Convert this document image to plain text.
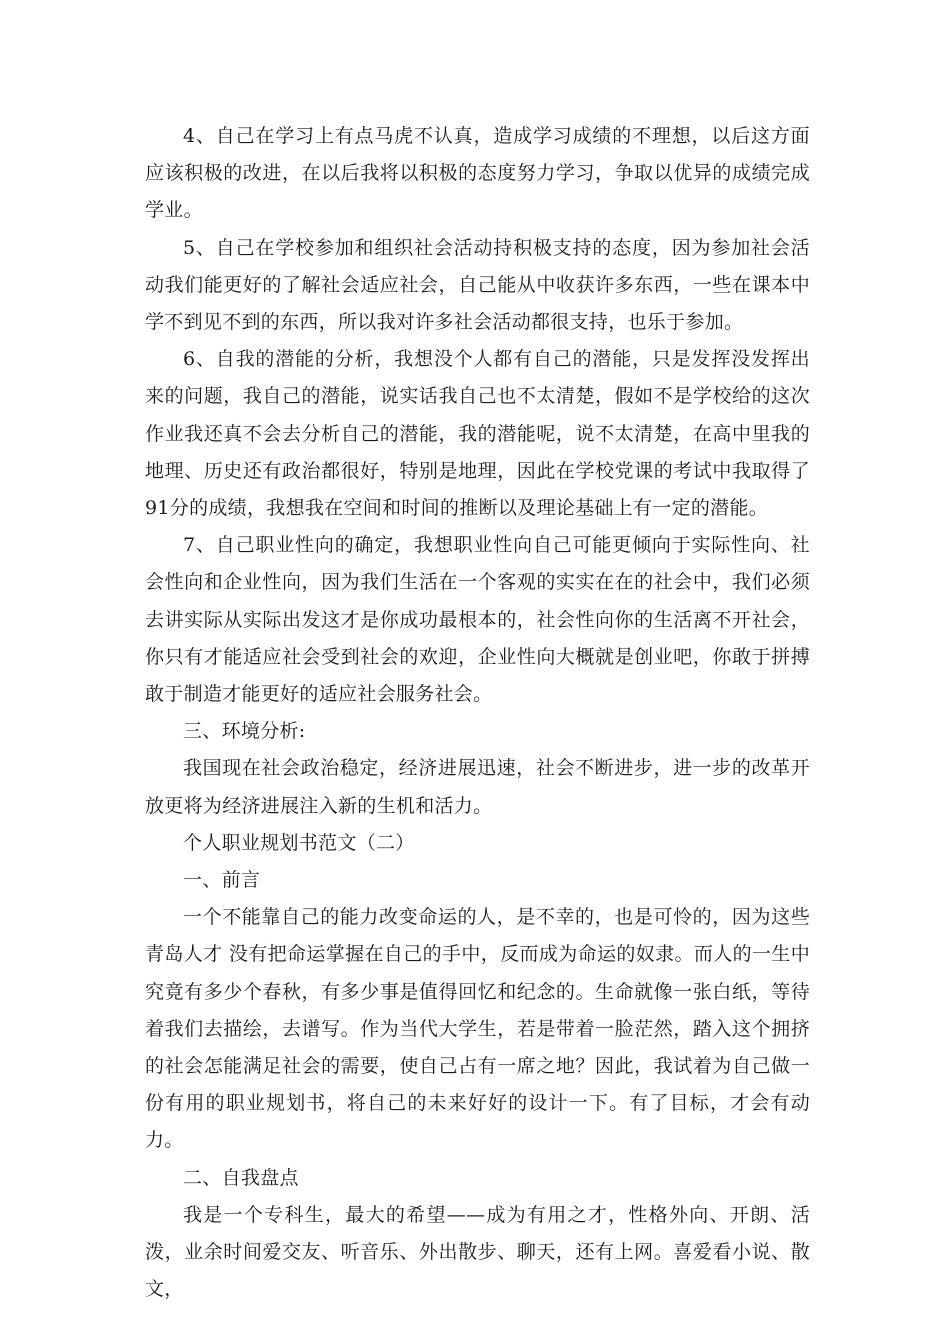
4、自己在学习上有点马虎不认真，造成学习成绩的不理想，以后这方面应该积极的改进，在以后我将以积极的态度努力学习，争取以优异的成绩完成学业。

5、自己在学校参加和组织社会活动持积极支持的态度，因为参加社会活动我们能更好的了解社会适应社会，自己能从中收获许多东西，一些在课本中学不到见不到的东西，所以我对许多社会活动都很支持，也乐于参加。

6、自我的潜能的分析，我想没个人都有自己的潜能，只是发挥没发挥出来的问题，我自己的潜能，说实话我自己也不太清楚，假如不是学校给的这次作业我还真不会去分析自己的潜能，我的潜能呢，说不太清楚，在高中里我的地理、历史还有政治都很好，特别是地理，因此在学校党课的考试中我取得了91分的成绩，我想我在空间和时间的推断以及理论基础上有一定的潜能。

7、自己职业性向的确定，我想职业性向自己可能更倾向于实际性向、社会性向和企业性向，因为我们生活在一个客观的实实在在的社会中，我们必须去讲实际从实际出发这才是你成功最根本的，社会性向你的生活离不开社会，你只有才能适应社会受到社会的欢迎，企业性向大概就是创业吧，你敢于拼搏敢于制造才能更好的适应社会服务社会。

三、环境分析:

我国现在社会政治稳定，经济进展迅速，社会不断进步，进一步的改革开放更将为经济进展注入新的生机和活力。

个人职业规划书范文（二）

一、前言

一个不能靠自己的能力改变命运的人，是不幸的，也是可怜的，因为这些青岛人才 没有把命运掌握在自己的手中，反而成为命运的奴隶。而人的一生中究竟有多少个春秋，有多少事是值得回忆和纪念的。生命就像一张白纸，等待着我们去描绘，去谱写。作为当代大学生，若是带着一脸茫然，踏入这个拥挤的社会怎能满足社会的需要，使自己占有一席之地？因此，我试着为自己做一份有用的职业规划书，将自己的未来好好的设计一下。有了目标，才会有动力。

二、自我盘点

我是一个专科生，最大的希望——成为有用之才，性格外向、开朗、活泼，业余时间爱交友、听音乐、外出散步、聊天，还有上网。喜爱看小说、散文，
